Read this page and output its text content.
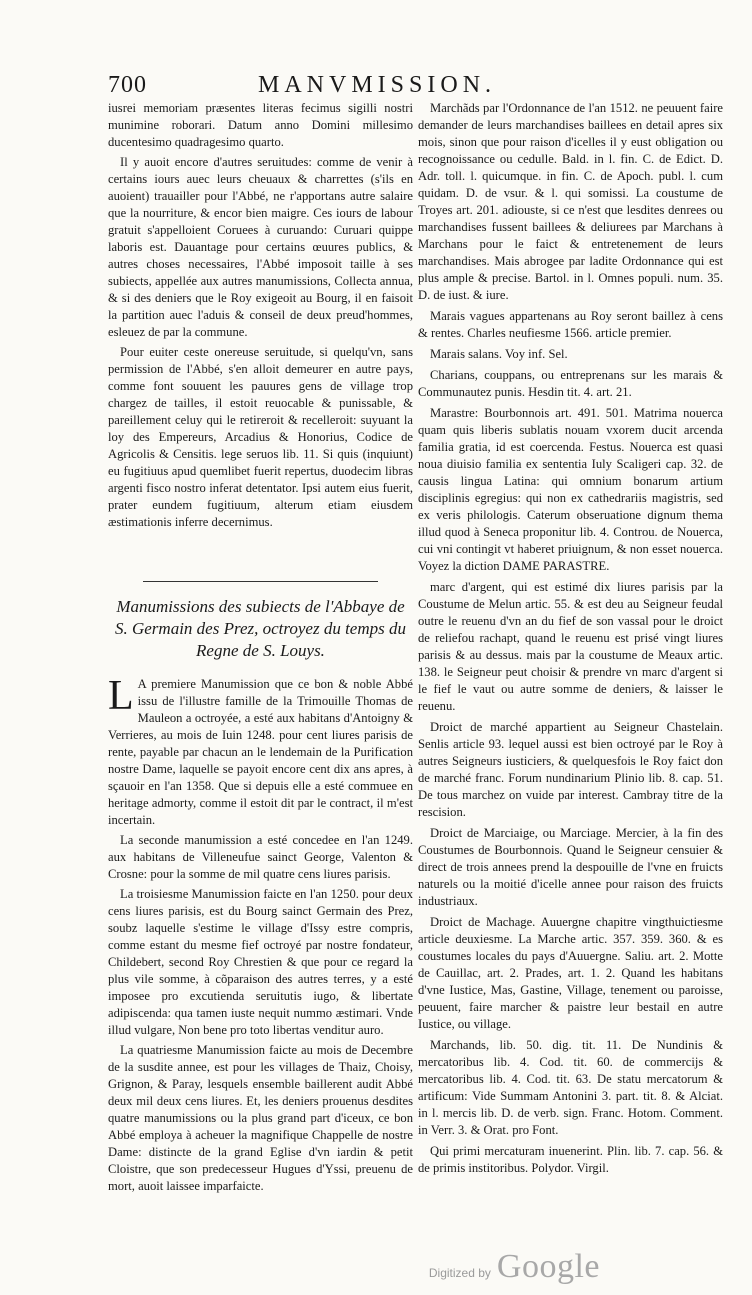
700	MANVMISSION.

iusrei memoriam præsentes literas fecimus sigilli nostri munimine roborari. Datum anno Domini millesimo ducentesimo quadragesimo quarto.

Il y auoit encore d'autres seruitudes: comme de venir à certains iours auec leurs cheuaux & charrettes (s'ils en auoient) trauailler pour l'Abbé, ne r'apportans autre salaire que la nourriture, & encor bien maigre. Ces iours de labour gratuit s'appelloient Coruees à curuando: Curuari quippe laboris est. Dauantage pour certains œuures publics, & autres choses necessaires, l'Abbé imposoit taille à ses subiects, appellée aux autres manumissions, Collecta annua, & si des deniers que le Roy exigeoit au Bourg, il en faisoit la partition auec l'aduis & conseil de deux preud'hommes, esleuez de par la commune.

Pour euiter ceste onereuse seruitude, si quelqu'vn, sans permission de l'Abbé, s'en alloit demeurer en autre pays, comme font souuent les pauures gens de village trop chargez de tailles, il estoit reuocable & punissable, & pareillement celuy qui le retireroit & recelleroit: suyuant la loy des Empereurs, Arcadius & Honorius, Codice de Agricolis & Censitis. lege seruos lib. 11. Si quis (inquiunt) eu fugitiuus apud quemlibet fuerit repertus, duodecim libras argenti fisco nostro inferat detentator. Ipsi autem eius fuerit, prater eundem fugitiuum, alterum etiam eiusdem æstimationis inferre decernimus.

Manumissions des subiects de l'Abbaye de S. Germain des Prez, octroyez du temps du Regne de S. Louys.

L A premiere Manumission que ce bon & noble Abbé issu de l'illustre famille de la Trimouille Thomas de Mauleon a octroyée, a esté aux habitans d'Antoigny & Verrieres, au mois de Iuin 1248. pour cent liures parisis de rente, payable par chacun an le lendemain de la Purification nostre Dame, laquelle se payoit encore cent dix ans apres, à sçauoir en l'an 1358. Que si depuis elle a esté commuee en heritage admorty, comme il estoit dit par le contract, il m'est incertain.

La seconde manumission a esté concedee en l'an 1249. aux habitans de Villeneufue sainct George, Valenton & Crosne: pour la somme de mil quatre cens liures parisis.

La troisiesme Manumission faicte en l'an 1250. pour deux cens liures parisis, est du Bourg sainct Germain des Prez, soubz laquelle s'estime le village d'Issy estre compris, comme estant du mesme fief octroyé par nostre fondateur, Childebert, second Roy Chrestien & que pour ce regard la plus vile somme, à cõparaison des autres terres, y a esté imposee pro excutienda seruitutis iugo, & libertate adipiscenda: qua tamen iuste nequit nummo æstimari. Vnde illud vulgare, Non bene pro toto libertas venditur auro.

La quatriesme Manumission faicte au mois de Decembre de la susdite annee, est pour les villages de Thaiz, Choisy, Grignon, & Paray, lesquels ensemble baillerent audit Abbé deux mil deux cens liures. Et, les deniers prouenus desdites quatre manumissions ou la plus grand part d'iceux, ce bon Abbé employa à acheuer la magnifique Chappelle de nostre Dame: distincte de la grand Eglise d'vn iardin & petit Cloistre, que son predecesseur Hugues d'Yssi, preuenu de mort, auoit laissee imparfaicte.

Marchãds par l'Ordonnance de l'an 1512. ne peuuent faire demander de leurs marchandises baillees en detail apres six mois, sinon que pour raison d'icelles il y eust obligation ou recognoissance ou cedulle. Bald. in l. fin. C. de Edict. D. Adr. toll. l. quicumque. in fin. C. de Apoch. publ. l. cum quidam. D. de vsur. & l. qui somissi. La coustume de Troyes art. 201. adiouste, si ce n'est que lesdites denrees ou marchandises fussent baillees & deliurees par Marchans à Marchans pour le faict & entretenement de leurs marchandises. Mais abrogee par ladite Ordonnance qui est plus ample & precise. Bartol. in l. Omnes populi. num. 35. D. de iust. & iure.

Marais vagues appartenans au Roy seront baillez à cens & rentes. Charles neufiesme 1566. article premier.

Marais salans. Voy inf. Sel.

Charians, couppans, ou entreprenans sur les marais & Communautez punis. Hesdin tit. 4. art. 21.

Marastre: Bourbonnois art. 491. 501. Matrima nouerca quam quis liberis sublatis nouam vxorem ducit arcenda familia gratia, id est coercenda. Festus. Nouerca est quasi noua diuisio familia ex sententia Iuly Scaligeri cap. 32. de causis lingua Latina: qui omnium bonarum artium disciplinis egregius: qui non ex cathedrariis magistris, sed ex veris philologis. Caterum obseruatione dignum thema illud quod à Seneca proponitur lib. 4. Controu. de Nouerca, cui vni contingit vt haberet priuignum, & non esset nouerca. Voyez la diction DAME PARASTRE.

marc d'argent, qui est estimé dix liures parisis par la Coustume de Melun artic. 55. & est deu au Seigneur feudal outre le reuenu d'vn an du fief de son vassal pour le droict de reliefou rachapt, quand le reuenu est prisé vingt liures parisis & au dessus. mais par la coustume de Meaux artic. 138. le Seigneur peut choisir & prendre vn marc d'argent si le fief le vaut ou autre somme de deniers, & laisser le reuenu.

Droict de marché appartient au Seigneur Chastelain. Senlis article 93. lequel aussi est bien octroyé par le Roy à autres Seigneurs iusticiers, & quelquesfois le Roy faict don de marché franc. Forum nundinarium Plinio lib. 8. cap. 51. De tous marchez on vuide par interest. Cambray titre de la rescision.

Droict de Marciaige, ou Marciage. Mercier, à la fin des Coustumes de Bourbonnois. Quand le Seigneur censuier & direct de trois annees prend la despouille de l'vne en fruicts naturels ou la moitié d'icelle annee pour raison des fruicts industriaux.

Droict de Machage. Auuergne chapitre vingthuictiesme article deuxiesme. La Marche artic. 357. 359. 360. & es coustumes locales du pays d'Auuergne. Saliu. art. 2. Motte de Cauillac, art. 2. Prades, art. 1. 2. Quand les habitans d'vne Iustice, Mas, Gastine, Village, tenement ou paroisse, peuuent, faire marcher & paistre leur bestail en autre Iustice, ou village.

Marchands, lib. 50. dig. tit. 11. De Nundinis & mercatoribus lib. 4. Cod. tit. 60. de commercijs & mercatoribus lib. 4. Cod. tit. 63. De statu mercatorum & artificum: Vide Summam Antonini 3. part. tit. 8. & Alciat. in l. mercis lib. D. de verb. sign. Franc. Hotom. Comment. in Verr. 3. & Orat. pro Font.

Qui primi mercaturam inuenerint. Plin. lib. 7. cap. 56. & de primis institoribus. Polydor. Virgil.

Digitized by Google
